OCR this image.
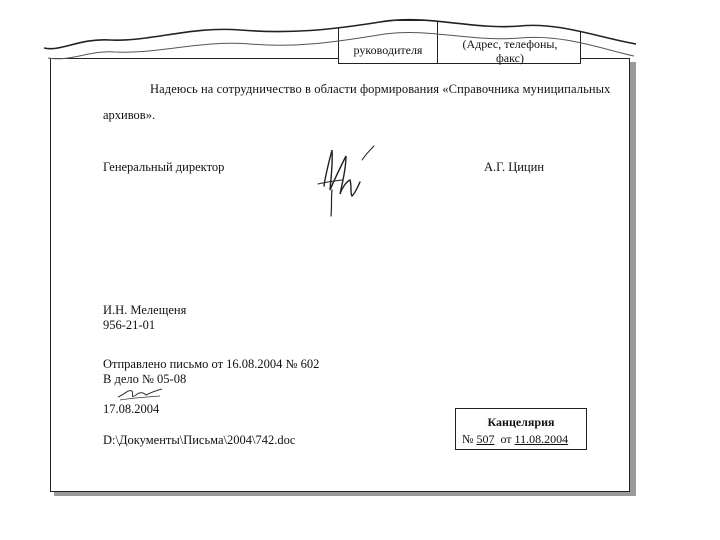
руководителя	(Адрес, телефоны, факс)
Надеюсь на сотрудничество в области формирования «Справочника муниципальных
архивов».
Генеральный директор	А.Г. Цицин
И.Н. Мелещеня
956-21-01
Отправлено письмо от 16.08.2004 № 602
В дело № 05-08
17.08.2004
D:\Документы\Письма\2004\742.doc
Канцелярия
№ 507 от 11.08.2004
